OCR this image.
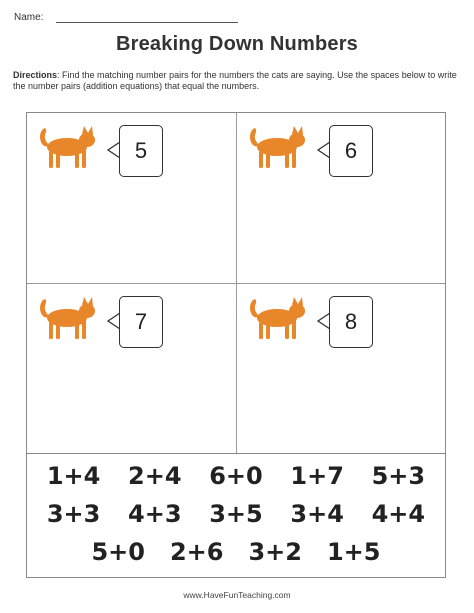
Name:
Breaking Down Numbers
Directions: Find the matching number pairs for the numbers the cats are saying. Use the spaces below to write the number pairs (addition equations) that equal the numbers.
5	6
7	8
1+4 2+4 6+0 1+7 5+3
3+3 4+3 3+5 3+4 4+4
5+0 2+6 3+2 1+5
www.HaveFunTeaching.com
